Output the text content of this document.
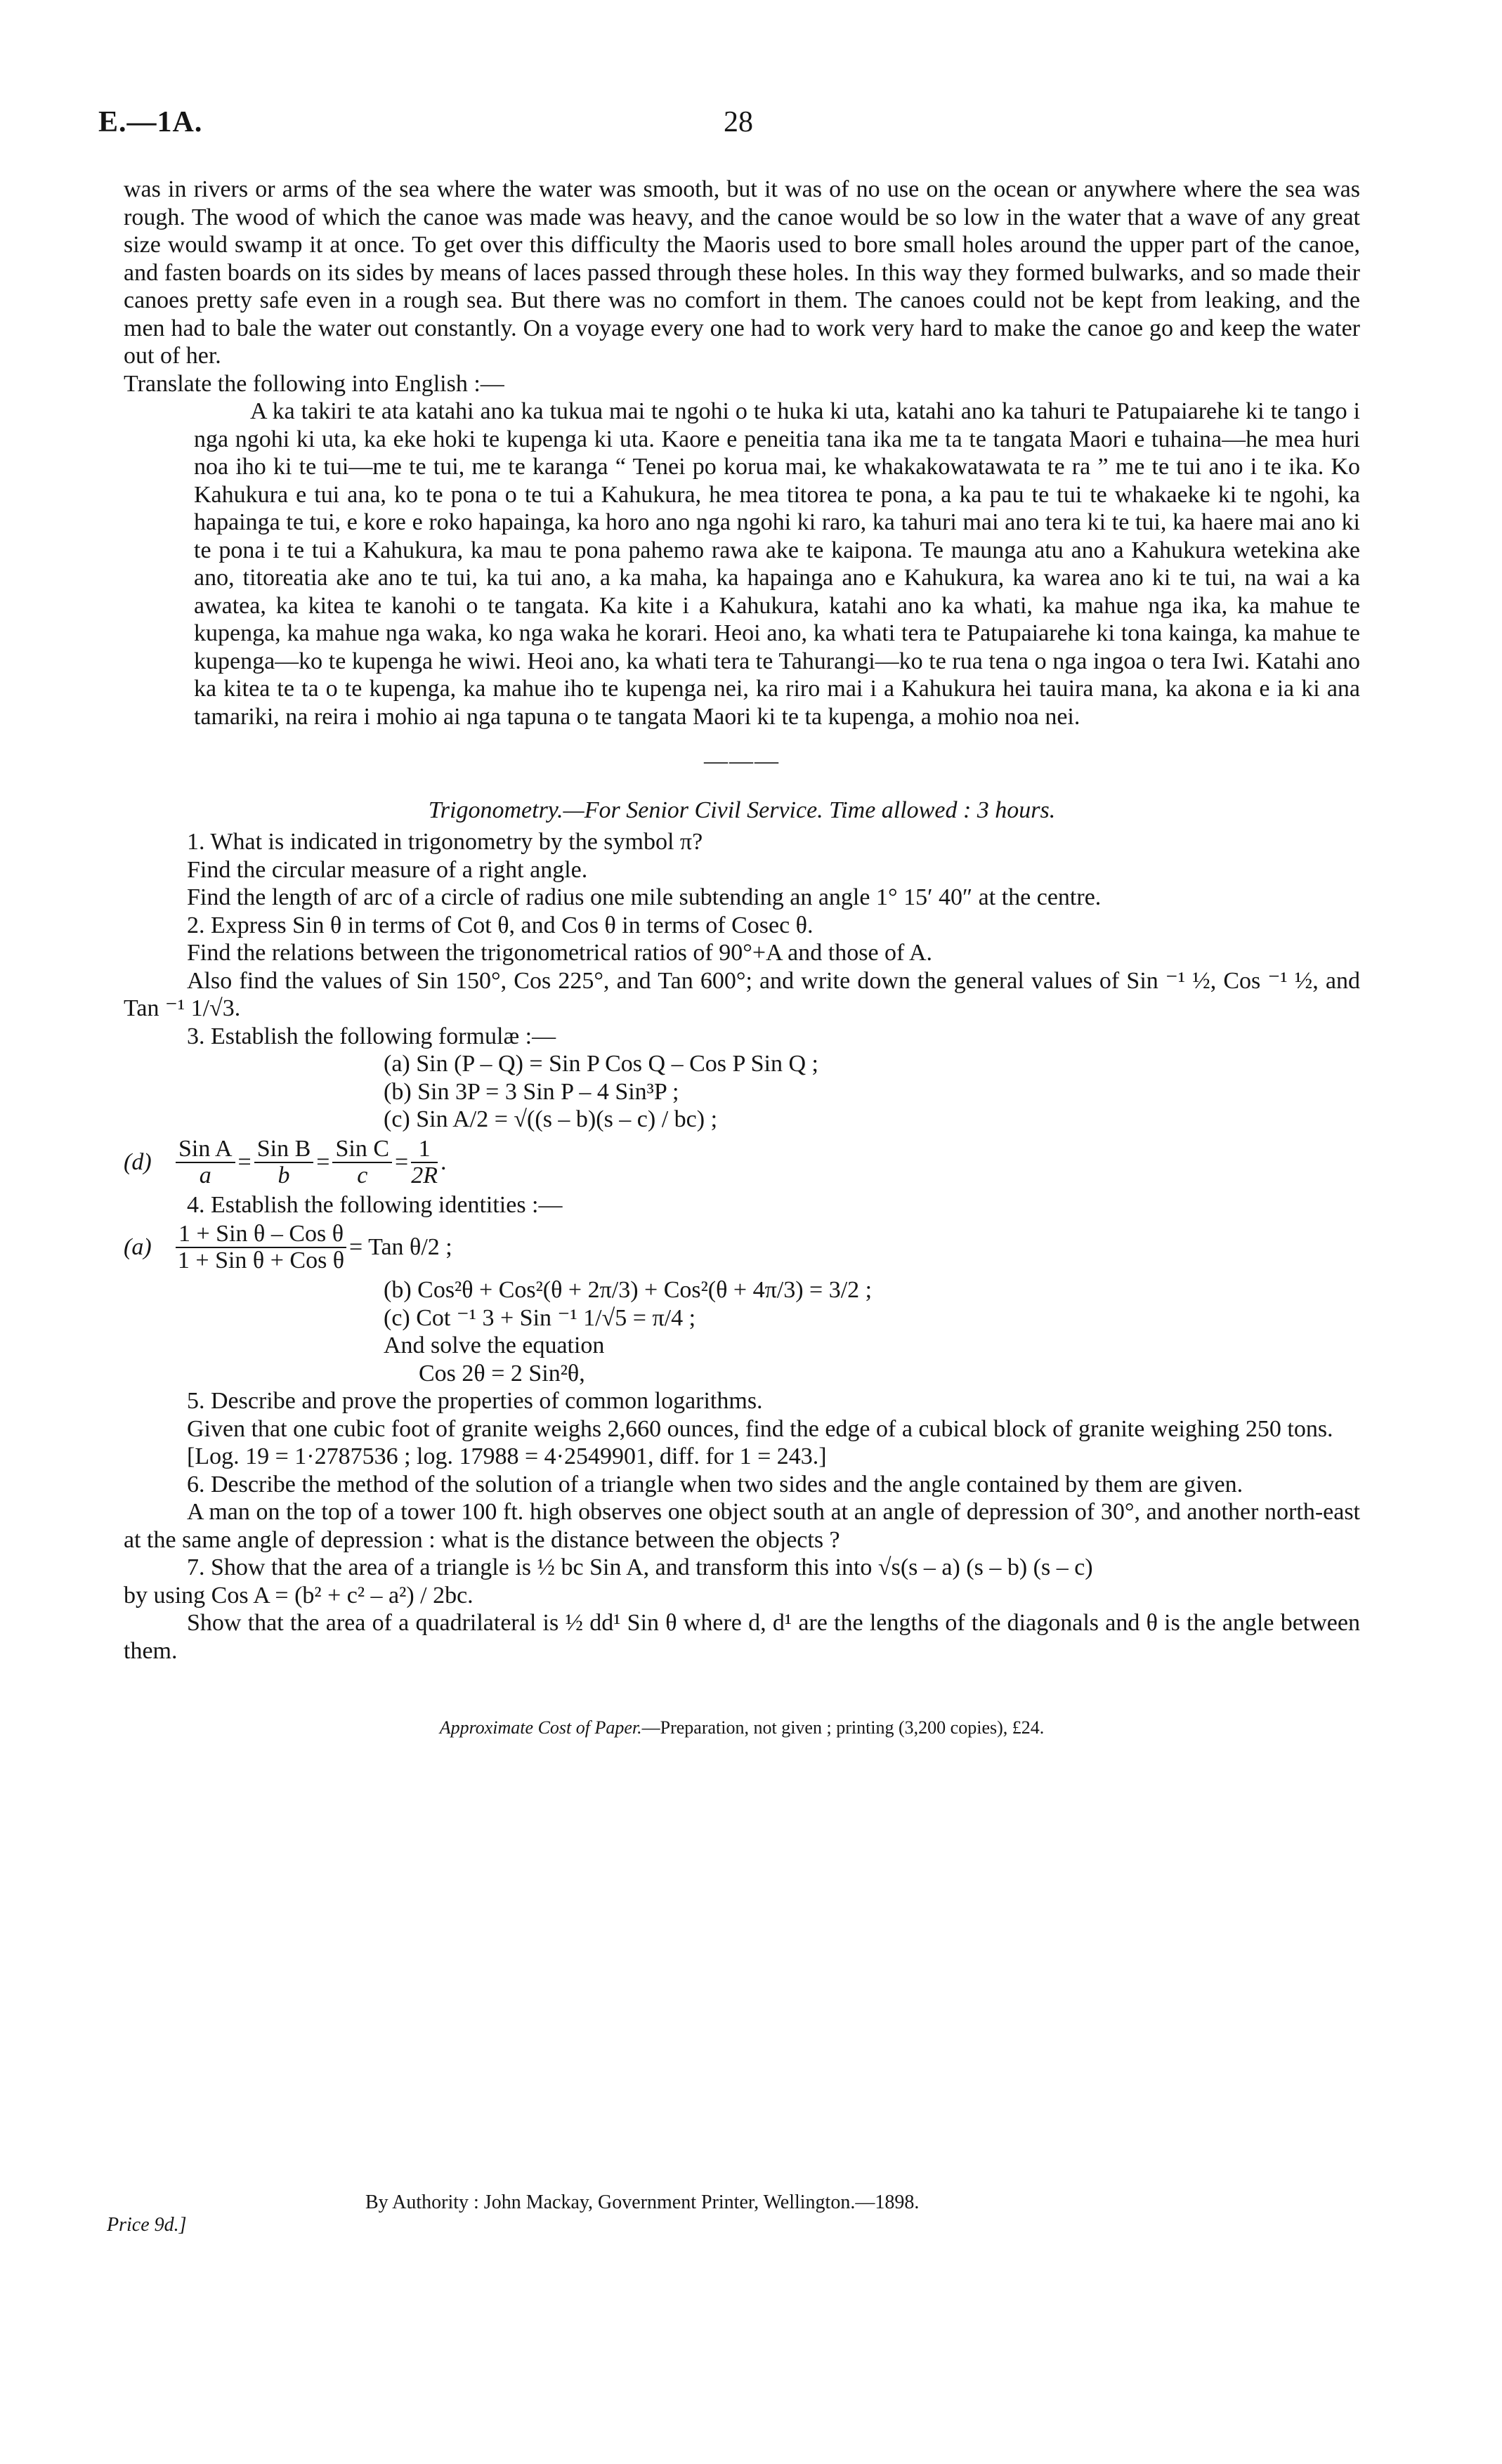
E.—1A.	28

was in rivers or arms of the sea where the water was smooth, but it was of no use on the ocean or anywhere where the sea was rough. The wood of which the canoe was made was heavy, and the canoe would be so low in the water that a wave of any great size would swamp it at once. To get over this difficulty the Maoris used to bore small holes around the upper part of the canoe, and fasten boards on its sides by means of laces passed through these holes. In this way they formed bulwarks, and so made their canoes pretty safe even in a rough sea. But there was no comfort in them. The canoes could not be kept from leaking, and the men had to bale the water out constantly. On a voyage every one had to work very hard to make the canoe go and keep the water out of her.

Translate the following into English :—

A ka takiri te ata katahi ano ka tukua mai te ngohi o te huka ki uta, katahi ano ka tahuri te Patupaiarehe ki te tango i nga ngohi ki uta, ka eke hoki te kupenga ki uta. Kaore e peneitia tana ika me ta te tangata Maori e tuhaina—he mea huri noa iho ki te tui—me te tui, me te karanga “ Tenei po korua mai, ke whakakowatawata te ra ” me te tui ano i te ika. Ko Kahukura e tui ana, ko te pona o te tui a Kahukura, he mea titorea te pona, a ka pau te tui te whakaeke ki te ngohi, ka hapainga te tui, e kore e roko hapainga, ka horo ano nga ngohi ki raro, ka tahuri mai ano tera ki te tui, ka haere mai ano ki te pona i te tui a Kahukura, ka mau te pona pahemo rawa ake te kaipona. Te maunga atu ano a Kahukura wetekina ake ano, titoreatia ake ano te tui, ka tui ano, a ka maha, ka hapainga ano e Kahukura, ka warea ano ki te tui, na wai a ka awatea, ka kitea te kanohi o te tangata. Ka kite i a Kahukura, katahi ano ka whati, ka mahue nga ika, ka mahue te kupenga, ka mahue nga waka, ko nga waka he korari. Heoi ano, ka whati tera te Patupaiarehe ki tona kainga, ka mahue te kupenga—ko te kupenga he wiwi. Heoi ano, ka whati tera te Tahurangi—ko te rua tena o nga ingoa o tera Iwi. Katahi ano ka kitea te ta o te kupenga, ka mahue iho te kupenga nei, ka riro mai i a Kahukura hei tauira mana, ka akona e ia ki ana tamariki, na reira i mohio ai nga tapuna o te tangata Maori ki te ta kupenga, a mohio noa nei.

———
Trigonometry.—For Senior Civil Service. Time allowed : 3 hours.

1. What is indicated in trigonometry by the symbol π?

Find the circular measure of a right angle.

Find the length of arc of a circle of radius one mile subtending an angle 1° 15′ 40″ at the centre.

2. Express Sin θ in terms of Cot θ, and Cos θ in terms of Cosec θ.

Find the relations between the trigonometrical ratios of 90°+A and those of A.

Also find the values of Sin 150°, Cos 225°, and Tan 600°; and write down the general values of Sin ⁻¹ ½, Cos ⁻¹ ½, and Tan ⁻¹ 1/√3.

3. Establish the following formulæ :—

(a) Sin (P – Q) = Sin P Cos Q – Cos P Sin Q ;
(b) Sin 3P = 3 Sin P – 4 Sin³P ;
(c) Sin A/2 = √((s – b)(s – c) / bc) ;
(d)	$\frac{\text{Sin A}}{a} = \frac{\text{Sin B}}{b} = \frac{\text{Sin C}}{c} = \frac{1}{2R}$ .

4. Establish the following identities :—

(a)	$\frac{\text{1 + Sin θ – Cos θ}}{\text{1 + Sin θ + Cos θ}}$ = Tan θ/2 ;
(b) Cos²θ + Cos²(θ + 2π/3) + Cos²(θ + 4π/3) = 3/2 ;
(c) Cot ⁻¹ 3 + Sin ⁻¹ 1/√5 = π/4 ;
And solve the equation
Cos 2θ = 2 Sin²θ,

5. Describe and prove the properties of common logarithms.

Given that one cubic foot of granite weighs 2,660 ounces, find the edge of a cubical block of granite weighing 250 tons.

[Log. 19 = 1·2787536 ; log. 17988 = 4·2549901, diff. for 1 = 243.]

6. Describe the method of the solution of a triangle when two sides and the angle contained by them are given.

A man on the top of a tower 100 ft. high observes one object south at an angle of depression of 30°, and another north-east at the same angle of depression : what is the distance between the objects ?

7. Show that the area of a triangle is ½ bc Sin A, and transform this into √s(s – a) (s – b) (s – c)

by using Cos A = (b² + c² – a²) / 2bc.

Show that the area of a quadrilateral is ½ dd¹ Sin θ where d, d¹ are the lengths of the diagonals and θ is the angle between them.

Approximate Cost of Paper.—Preparation, not given ; printing (3,200 copies), £24.
By Authority : John Mackay, Government Printer, Wellington.—1898.
Price 9d.]
